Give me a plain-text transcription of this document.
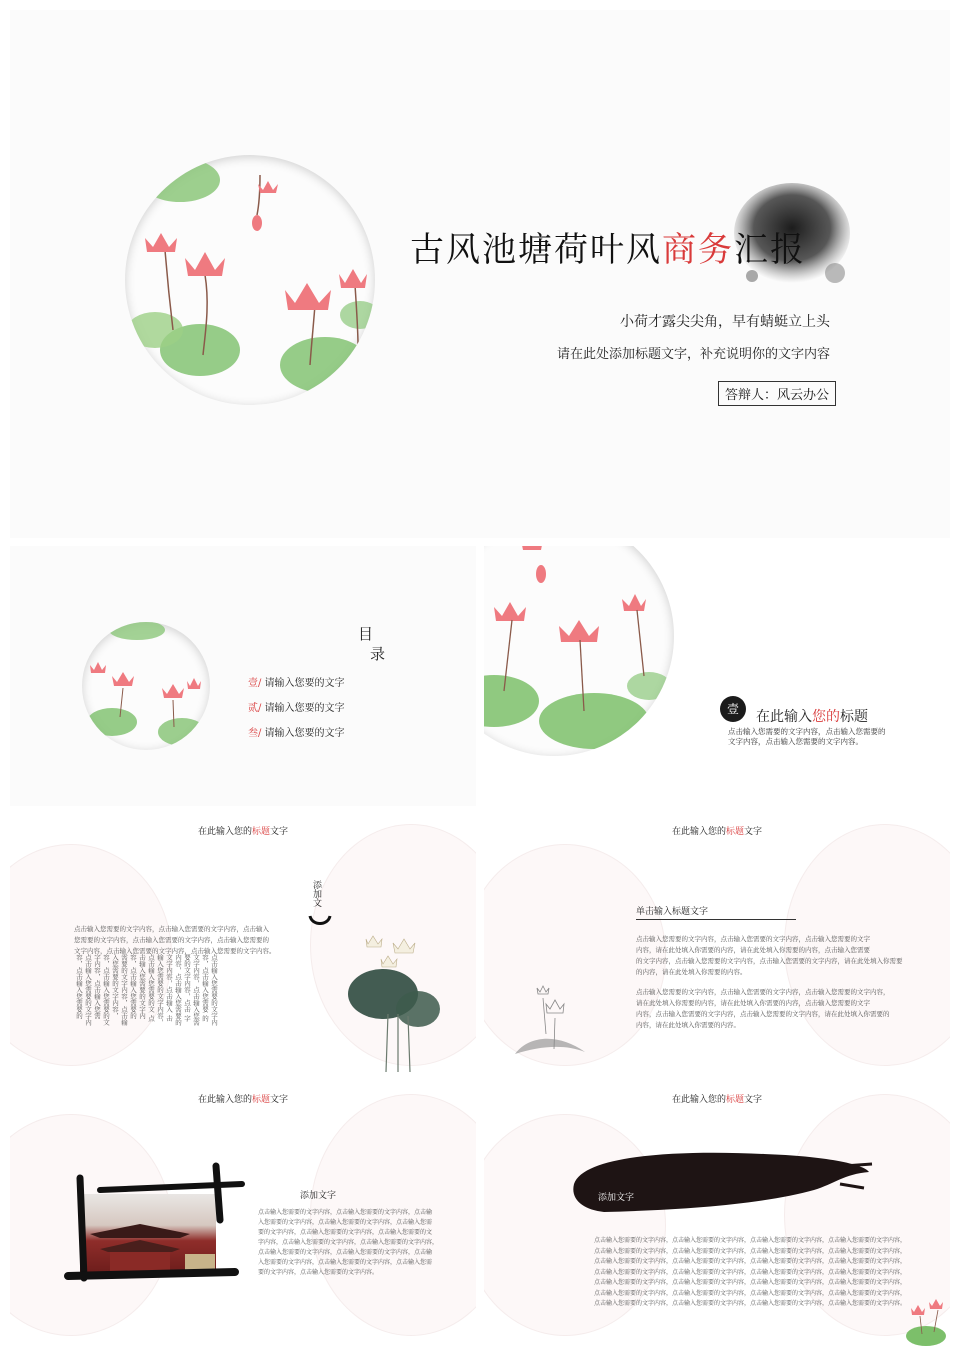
古风池塘荷叶风商务汇报
小荷才露尖尖角，早有蜻蜓立上头
请在此处添加标题文字，补充说明你的文字内容
答辩人：风云办公
目
录
壹/ 请输入您要的文字
贰/ 请输入您要的文字
叁/ 请输入您要的文字
壹	在此输入您的标题
点击输入您需要的文字内容，点击输入您需要的
文字内容，点击输入您需要的文字内容。
在此输入您的标题文字
点击输入您需要的文字内容，点击输入您需要的文字内容，点击输入
您需要的文字内容，点击输入您需要的文字内容，点击输入您需要的
文字内容，点击输入您需要的文字内容，点击输入您需要的文字内容。
点击输入您需要的文字内容，点击输入您需要 的文字内容，点击输入您需要的文字内容，点击 字内容，点击输入您需要的文字内容，点击输入 击输入您需要的文字内容，点击输入您需要的文 点击输入您需要的文字内容，点击输入您需要的 需要的文字内容，点击输入您需要的文字内容， 容，点击输入您需要的文字内容，点击输入您需 点击输入您需要的文字内容，点击输入您需要的
添加文
在此输入您的标题文字
单击输入标题文字
点击输入您需要的文字内容，点击输入您需要的文字内容，点击输入您需要的文字
内容，请在此处填入你需要的内容，请在此处填入你需要的内容，点击输入您需要
的文字内容，点击输入您需要的文字内容，点击输入您需要的文字内容，请在此处填入你需要
的内容，请在此处填入你需要的内容。
点击输入您需要的文字内容，点击输入您需要的文字内容，点击输入您需要的文字内容，
请在此处填入你需要的内容，请在此处填入你需要的内容，点击输入您需要的文字
内容，点击输入您需要的文字内容，点击输入您需要的文字内容，请在此处填入你需要的
内容，请在此处填入你需要的内容。
在此输入您的标题文字
添加文字
点击输入您需要的文字内容，点击输入您需要的文字内容，点击输
入您需要的文字内容，点击输入您需要的文字内容，点击输入您需
要的文字内容，点击输入您需要的文字内容，点击输入您需要的文
字内容，点击输入您需要的文字内容，点击输入您需要的文字内容，
点击输入您需要的文字内容，点击输入您需要的文字内容，点击输
入您需要的文字内容，点击输入您需要的文字内容，点击输入您需
要的文字内容，点击输入您需要的文字内容。
在此输入您的标题文字
添加文字
点击输入您需要的文字内容，点击输入您需要的文字内容，点击输入您需要的文字内容，点击输入您需要的文字内容，
点击输入您需要的文字内容，点击输入您需要的文字内容，点击输入您需要的文字内容，点击输入您需要的文字内容，
点击输入您需要的文字内容，点击输入您需要的文字内容，点击输入您需要的文字内容，点击输入您需要的文字内容，
点击输入您需要的文字内容，点击输入您需要的文字内容，点击输入您需要的文字内容，点击输入您需要的文字内容，
点击输入您需要的文字内容，点击输入您需要的文字内容，点击输入您需要的文字内容，点击输入您需要的文字内容，
点击输入您需要的文字内容，点击输入您需要的文字内容，点击输入您需要的文字内容，点击输入您需要的文字内容，
点击输入您需要的文字内容，点击输入您需要的文字内容，点击输入您需要的文字内容，点击输入您需要的文字内容。
